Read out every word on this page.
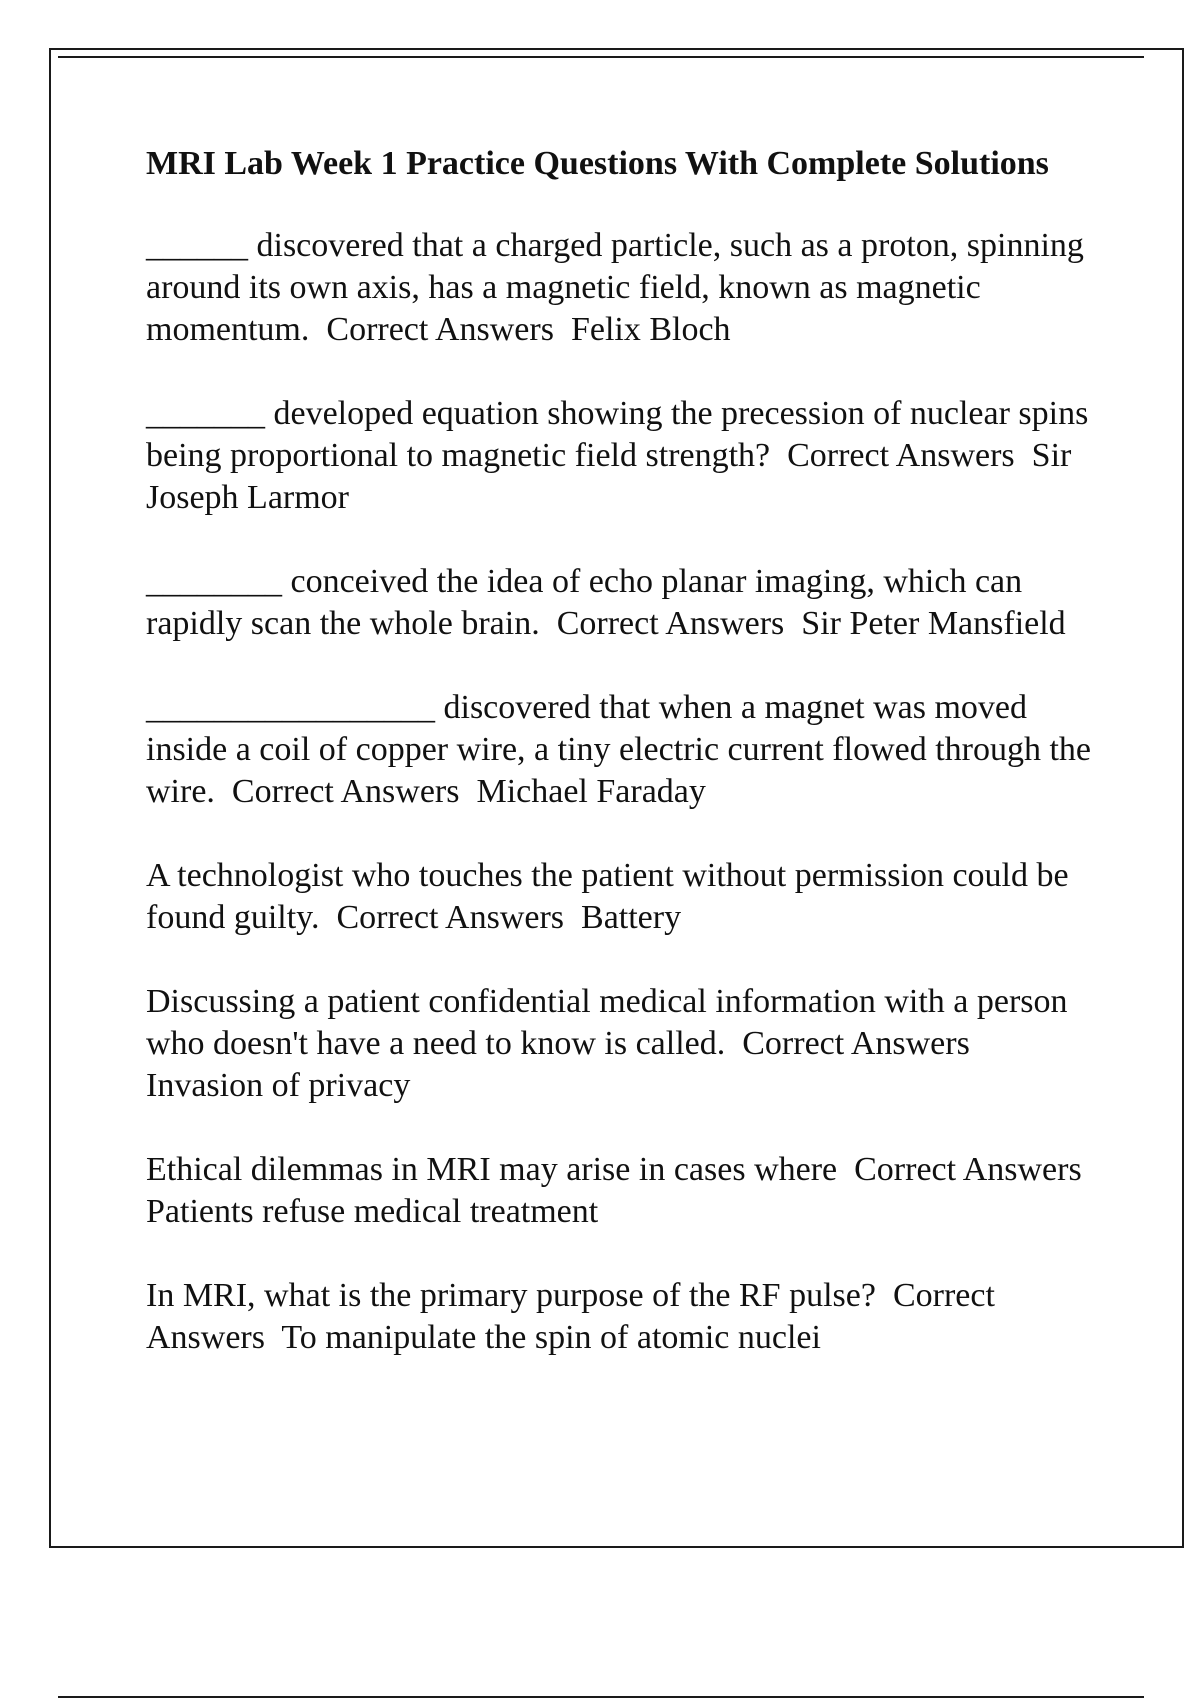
MRI Lab Week 1 Practice Questions With Complete Solutions
______ discovered that a charged particle, such as a proton, spinning around its own axis, has a magnetic field, known as magnetic momentum. Correct Answers Felix Bloch
_______ developed equation showing the precession of nuclear spins being proportional to magnetic field strength? Correct Answers Sir Joseph Larmor
________ conceived the idea of echo planar imaging, which can rapidly scan the whole brain. Correct Answers Sir Peter Mansfield
_________________ discovered that when a magnet was moved inside a coil of copper wire, a tiny electric current flowed through the wire. Correct Answers Michael Faraday
A technologist who touches the patient without permission could be found guilty. Correct Answers Battery
Discussing a patient confidential medical information with a person who doesn't have a need to know is called. Correct Answers  Invasion of privacy
Ethical dilemmas in MRI may arise in cases where Correct Answers  Patients refuse medical treatment
In MRI, what is the primary purpose of the RF pulse? Correct Answers To manipulate the spin of atomic nuclei
